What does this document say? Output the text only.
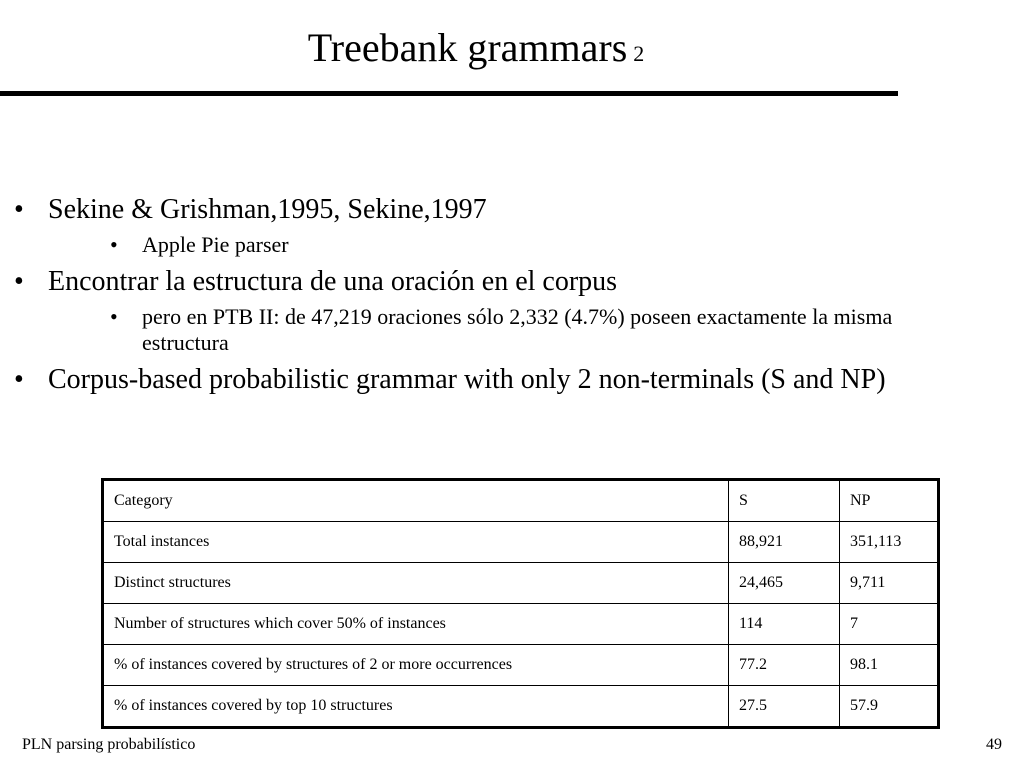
Treebank grammars 2
• Sekine & Grishman,1995, Sekine,1997
• Apple Pie parser
• Encontrar la estructura de una oración en el corpus
• pero en PTB II: de 47,219 oraciones sólo 2,332 (4.7%) poseen exactamente la misma estructura
• Corpus-based probabilistic grammar with only 2 non-terminals (S and NP)
Category	S	NP
Total instances	88,921	351,113
Distinct structures	24,465	9,711
Number of structures which cover 50% of instances	114	7
% of instances covered by structures of 2 or more occurrences	77.2	98.1
% of instances covered by top 10 structures	27.5	57.9
PLN parsing probabilístico	49
